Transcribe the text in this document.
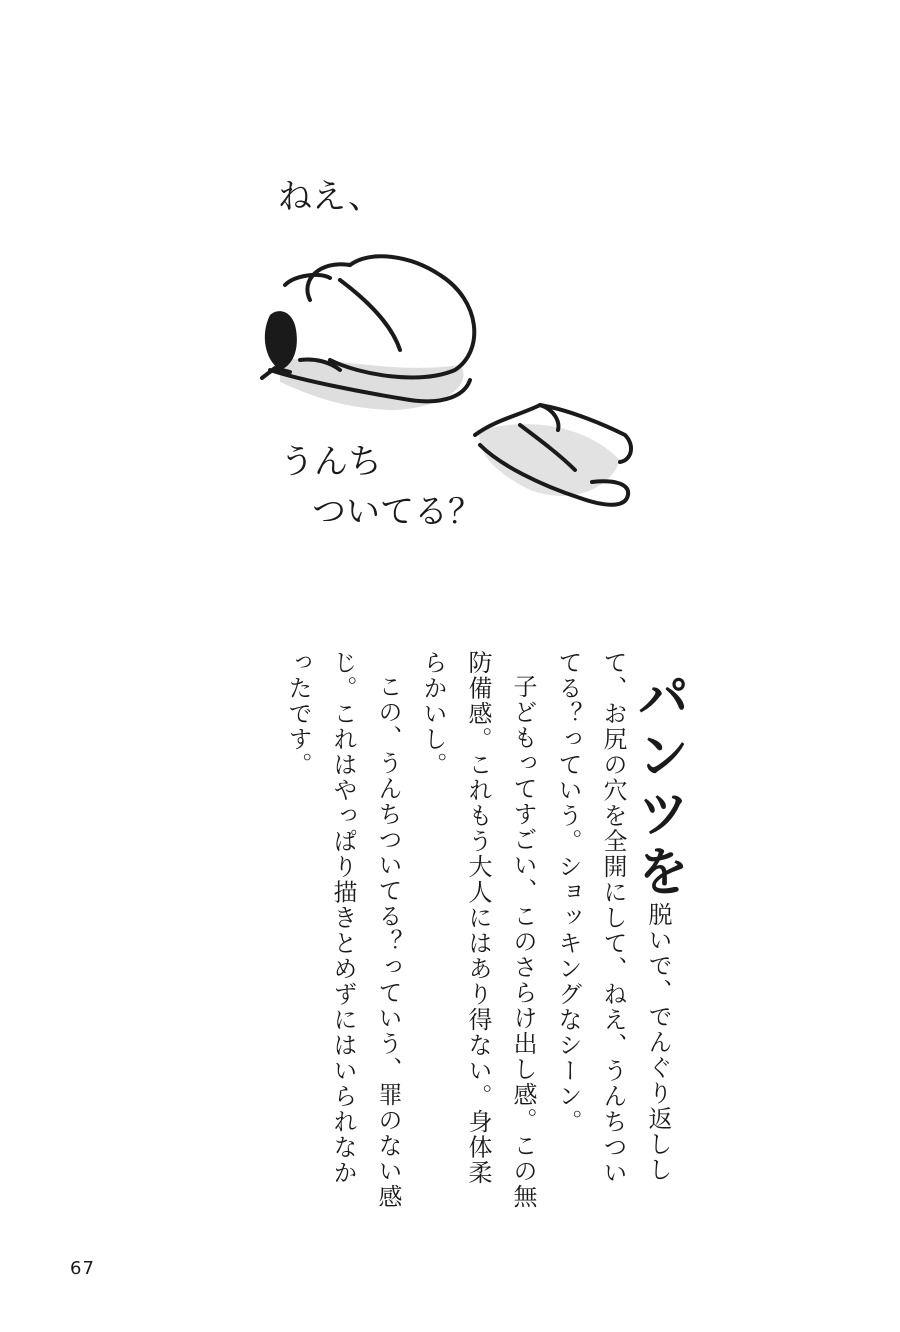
ねえ、
うんち
ついてる？

パンツを脱いで、でんぐり返しして、お尻の穴を全開にして、ねえ、うんちついてる？っていう。ショッキングなシーン。

子どもってすごい、このさらけ出し感。この無防備感。これもう大人にはあり得ない。身体柔らかいし。

この、うんちついてる？っていう、罪のない感じ。これはやっぱり描きとめずにはいられなかったです。

67
